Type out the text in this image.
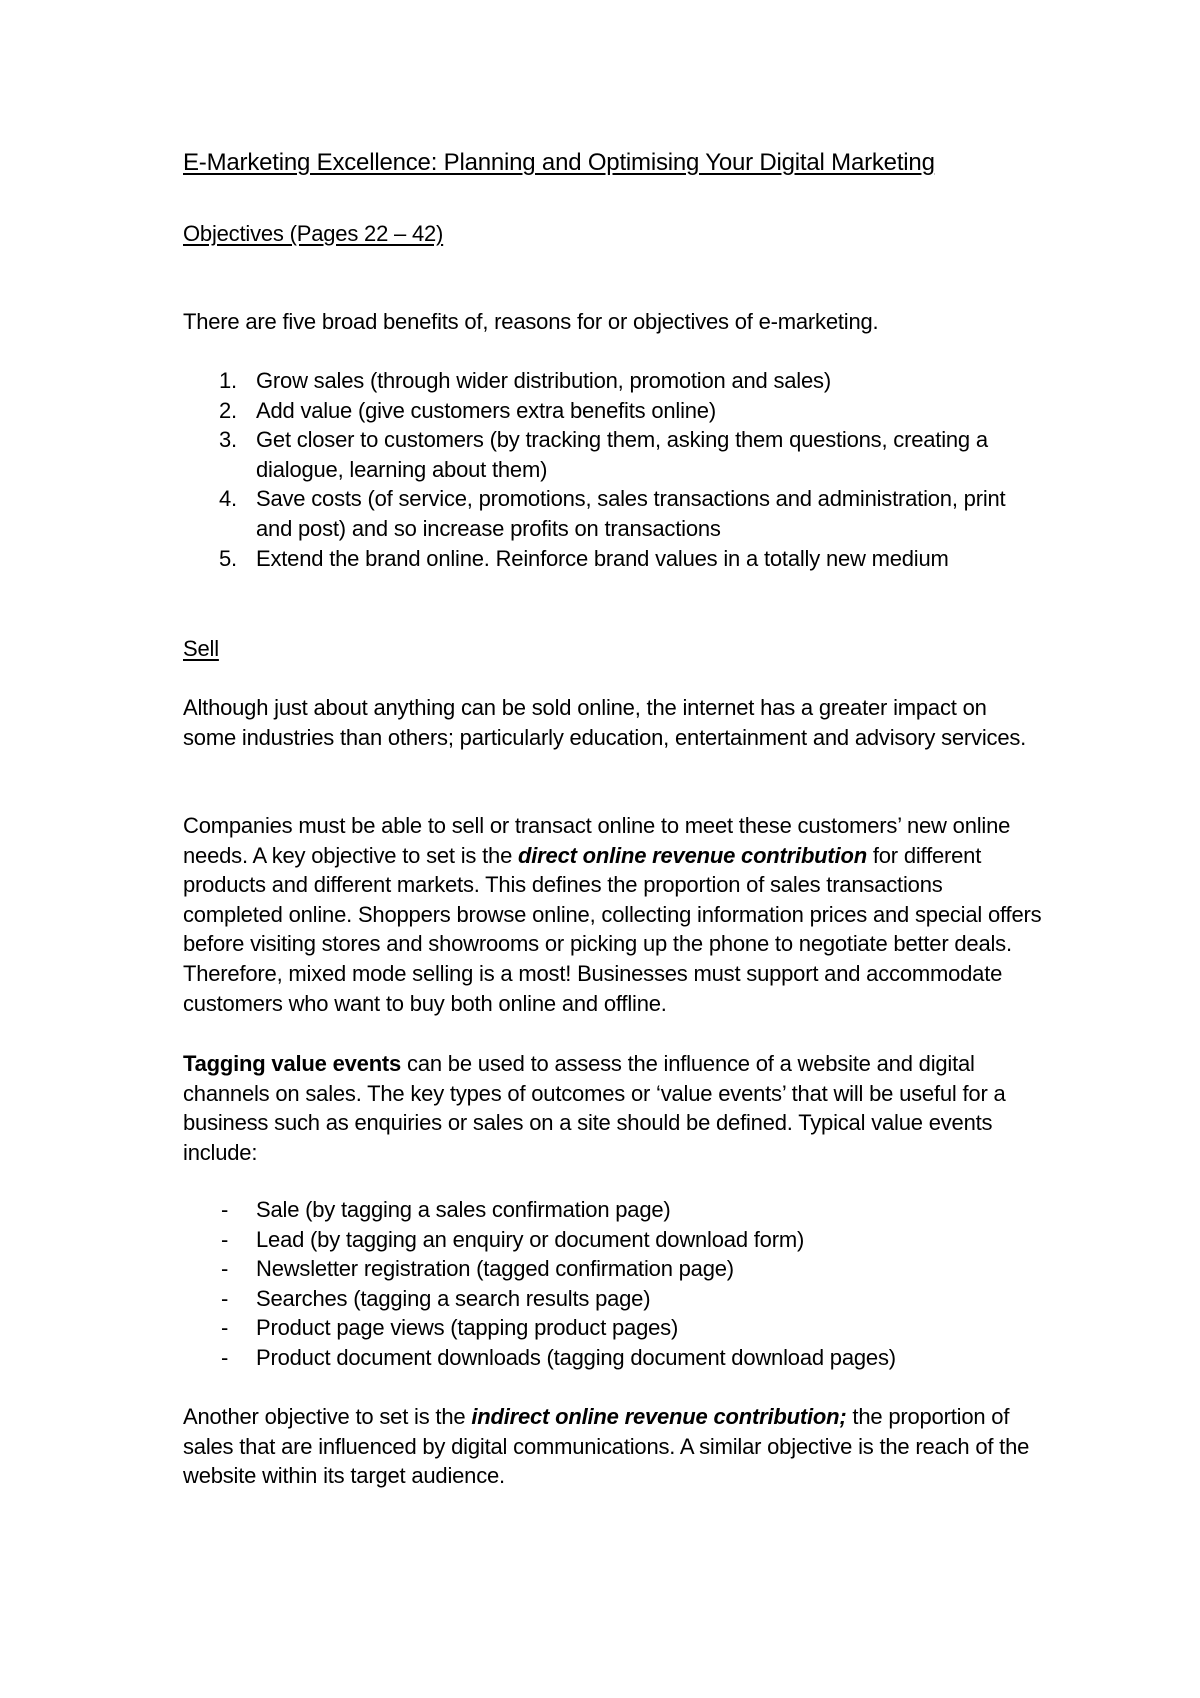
E-Marketing Excellence: Planning and Optimising Your Digital Marketing
Objectives (Pages 22 – 42)
There are five broad benefits of, reasons for or objectives of e-marketing.
1. Grow sales (through wider distribution, promotion and sales)
2. Add value (give customers extra benefits online)
3. Get closer to customers (by tracking them, asking them questions, creating a dialogue, learning about them)
4. Save costs (of service, promotions, sales transactions and administration, print and post) and so increase profits on transactions
5. Extend the brand online. Reinforce brand values in a totally new medium
Sell
Although just about anything can be sold online, the internet has a greater impact on some industries than others; particularly education, entertainment and advisory services.
Companies must be able to sell or transact online to meet these customers’ new online needs. A key objective to set is the direct online revenue contribution for different products and different markets. This defines the proportion of sales transactions completed online. Shoppers browse online, collecting information prices and special offers before visiting stores and showrooms or picking up the phone to negotiate better deals. Therefore, mixed mode selling is a most! Businesses must support and accommodate customers who want to buy both online and offline.
Tagging value events can be used to assess the influence of a website and digital channels on sales. The key types of outcomes or ‘value events’ that will be useful for a business such as enquiries or sales on a site should be defined. Typical value events include:
- Sale (by tagging a sales confirmation page)
- Lead (by tagging an enquiry or document download form)
- Newsletter registration (tagged confirmation page)
- Searches (tagging a search results page)
- Product page views (tapping product pages)
- Product document downloads (tagging document download pages)
Another objective to set is the indirect online revenue contribution; the proportion of sales that are influenced by digital communications. A similar objective is the reach of the website within its target audience.
